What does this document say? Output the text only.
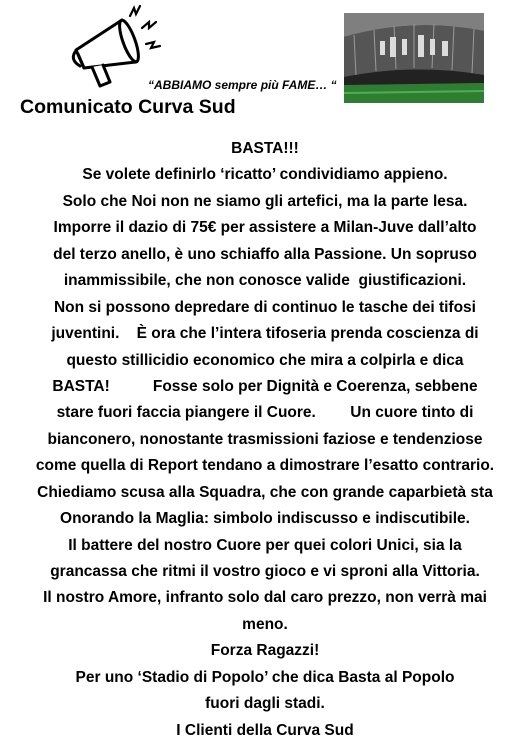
“ABBIAMO sempre più FAME… “
Comunicato Curva Sud
BASTA!!!
Se volete definirlo ‘ricatto’ condividiamo appieno.
Solo che Noi non ne siamo gli artefici, ma la parte lesa.
Imporre il dazio di 75€ per assistere a Milan-Juve dall’alto
del terzo anello, è uno schiaffo alla Passione. Un sopruso
inammissibile, che non conosce valide  giustificazioni.
Non si possono depredare di continuo le tasche dei tifosi
juventini.    È ora che l’intera tifoseria prenda coscienza di
questo stillicidio economico che mira a colpirla e dica
BASTA!          Fosse solo per Dignità e Coerenza, sebbene
stare fuori faccia piangere il Cuore.        Un cuore tinto di
bianconero, nonostante trasmissioni faziose e tendenziose
come quella di Report tendano a dimostrare l’esatto contrario.
Chiediamo scusa alla Squadra, che con grande caparbietà sta
Onorando la Maglia: simbolo indiscusso e indiscutibile.
Il battere del nostro Cuore per quei colori Unici, sia la
grancassa che ritmi il vostro gioco e vi sproni alla Vittoria.
Il nostro Amore, infranto solo dal caro prezzo, non verrà mai
meno.
Forza Ragazzi!
Per uno ‘Stadio di Popolo’ che dica Basta al Popolo
fuori dagli stadi.
I Clienti della Curva Sud
